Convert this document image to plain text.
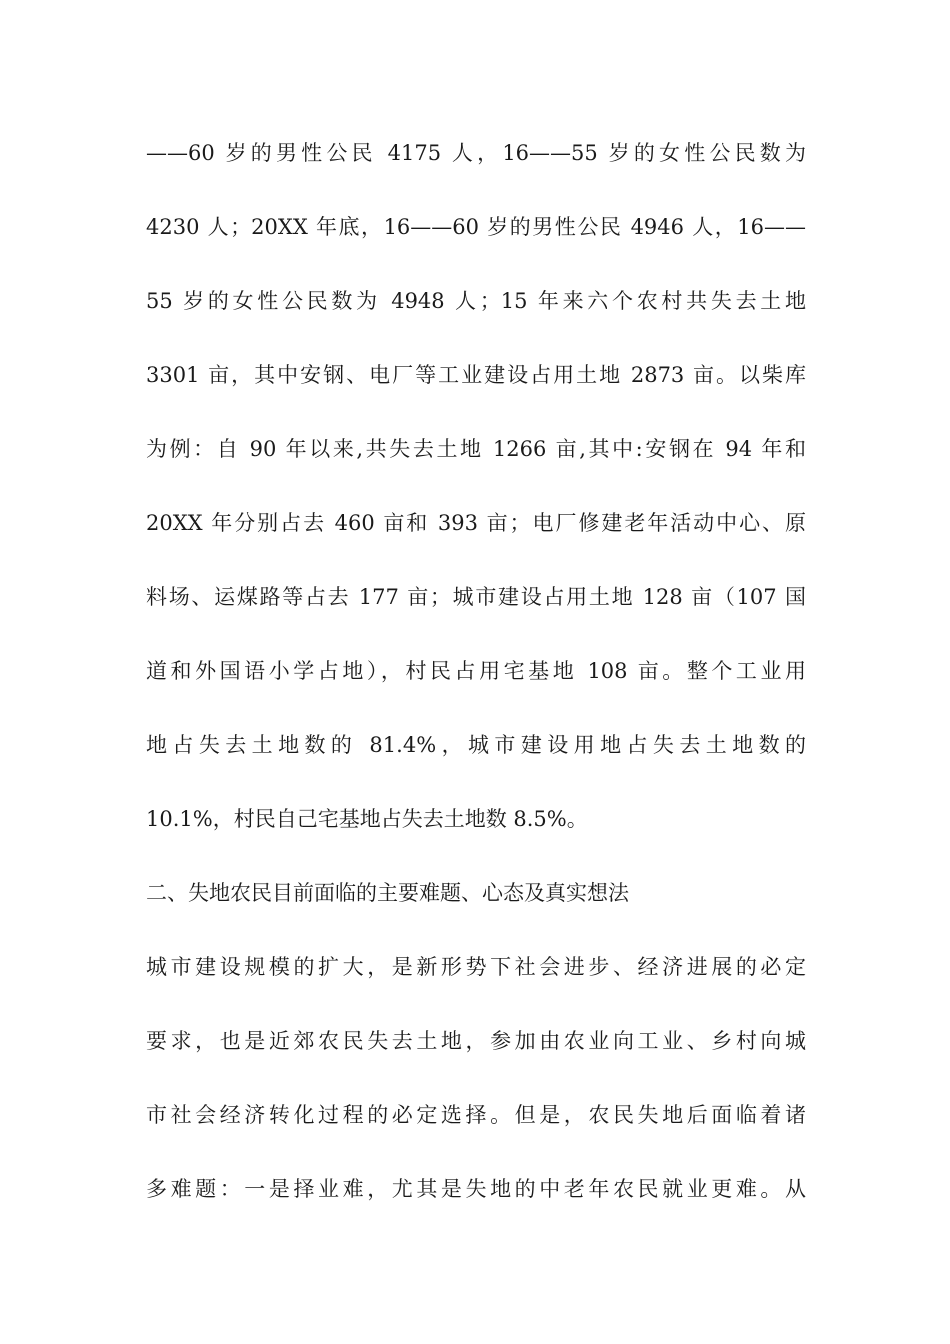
——60 岁的男性公民 4175 人，16——55 岁的女性公民数为
4230 人；20XX 年底，16——60 岁的男性公民 4946 人，16——
55 岁的女性公民数为 4948 人；15 年来六个农村共失去土地
3301 亩，其中安钢、电厂等工业建设占用土地 2873 亩。以柴库
为例：自 90 年以来,共失去土地 1266 亩,其中:安钢在 94 年和
20XX 年分别占去 460 亩和 393 亩；电厂修建老年活动中心、原
料场、运煤路等占去 177 亩；城市建设占用土地 128 亩（107 国
道和外国语小学占地），村民占用宅基地 108 亩。整个工业用
地占失去土地数的 81.4%，城市建设用地占失去土地数的
10.1%，村民自己宅基地占失去土地数 8.5%。
二、失地农民目前面临的主要难题、心态及真实想法
城市建设规模的扩大，是新形势下社会进步、经济进展的必定
要求，也是近郊农民失去土地，参加由农业向工业、乡村向城
市社会经济转化过程的必定选择。但是，农民失地后面临着诸
多难题：一是择业难，尤其是失地的中老年农民就业更难。从
